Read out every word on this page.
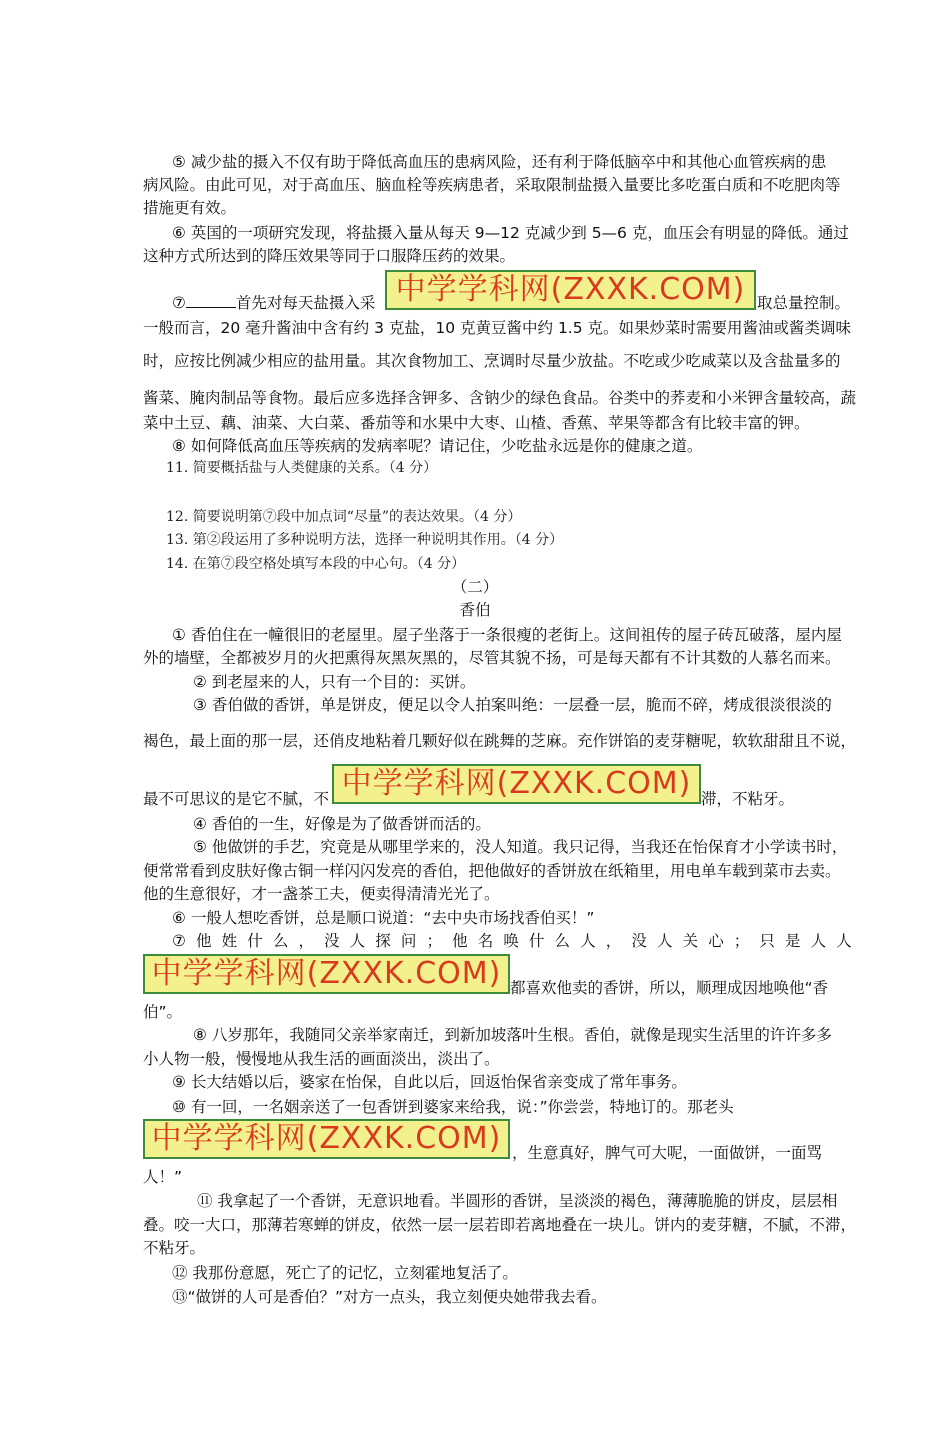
⑤ 减少盐的摄入不仅有助于降低高血压的患病风险，还有利于降低脑卒中和其他心血管疾病的患
病风险。由此可见，对于高血压、脑血栓等疾病患者，采取限制盐摄入量要比多吃蛋白质和不吃肥肉等
措施更有效。
⑥ 英国的一项研究发现，将盐摄入量从每天 9—12 克减少到 5—6 克，血压会有明显的降低。通过
这种方式所达到的降压效果等同于口服降压药的效果。
⑦	首先对每天盐摄入采	取总量控制。
中学学科网(ZXXK.COM)
一般而言，20 毫升酱油中含有约 3 克盐，10 克黄豆酱中约 1.5 克。如果炒菜时需要用酱油或酱类调味
时，应按比例减少相应的盐用量。其次食物加工、烹调时尽量少放盐。不吃或少吃咸菜以及含盐量多的
酱菜、腌肉制品等食物。最后应多选择含钾多、含钠少的绿色食品。谷类中的荞麦和小米钾含量较高，蔬
菜中土豆、藕、油菜、大白菜、番茄等和水果中大枣、山楂、香蕉、苹果等都含有比较丰富的钾。
⑧ 如何降低高血压等疾病的发病率呢？请记住，少吃盐永远是你的健康之道。
11. 简要概括盐与人类健康的关系。（4 分）
12. 简要说明第⑦段中加点词“尽量”的表达效果。（4 分）
13. 第②段运用了多种说明方法，选择一种说明其作用。（4 分）
14. 在第⑦段空格处填写本段的中心句。（4 分）
（二）
香伯
① 香伯住在一幢很旧的老屋里。屋子坐落于一条很瘦的老街上。这间祖传的屋子砖瓦破落，屋内屋
外的墙壁，全都被岁月的火把熏得灰黑灰黑的，尽管其貌不扬，可是每天都有不计其数的人慕名而来。
② 到老屋来的人，只有一个目的：买饼。
③ 香伯做的香饼，单是饼皮，便足以令人拍案叫绝：一层叠一层，脆而不碎，烤成很淡很淡的
褐色，最上面的那一层，还俏皮地粘着几颗好似在跳舞的芝麻。充作饼馅的麦芽糖呢，软软甜甜且不说，
最不可思议的是它不腻，不 中学学科网(ZXXK.COM) 滞，不粘牙。
④ 香伯的一生，好像是为了做香饼而活的。
⑤ 他做饼的手艺，究竟是从哪里学来的，没人知道。我只记得，当我还在怡保育才小学读书时，
便常常看到皮肤好像古铜一样闪闪发亮的香伯，把他做好的香饼放在纸箱里，用电单车载到菜市去卖。
他的生意很好，才一盏茶工夫，便卖得清清光光了。
⑥ 一般人想吃香饼，总是顺口说道：“去中央市场找香伯买！”
⑦ 他 姓 什 么 ， 没 人 探 问 ； 他 名 唤 什 么 人 ， 没 人 关 心 ； 只 是 人 人
中学学科网(ZXXK.COM) 都喜欢他卖的香饼，所以，顺理成因地唤他“香
伯”。
⑧ 八岁那年，我随同父亲举家南迁，到新加坡落叶生根。香伯，就像是现实生活里的许许多多
小人物一般，慢慢地从我生活的画面淡出，淡出了。
⑨ 长大结婚以后，婆家在怡保，自此以后，回返怡保省亲变成了常年事务。
⑩ 有一回，一名姻亲送了一包香饼到婆家来给我，说：”你尝尝，特地订的。那老头
中学学科网(ZXXK.COM) ，生意真好，脾气可大呢，一面做饼，一面骂
人！”
⑪ 我拿起了一个香饼，无意识地看。半圆形的香饼，呈淡淡的褐色，薄薄脆脆的饼皮，层层相
叠。咬一大口，那薄若寒蝉的饼皮，依然一层一层若即若离地叠在一块儿。饼内的麦芽糖，不腻，不滞，
不粘牙。
⑫ 我那份意愿，死亡了的记忆，立刻霍地复活了。
⑬“做饼的人可是香伯？”对方一点头，我立刻便央她带我去看。
